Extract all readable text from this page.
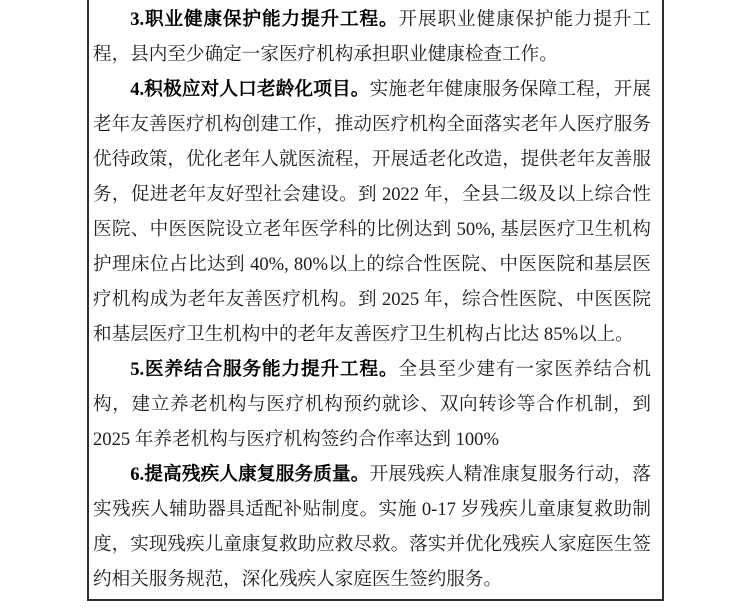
3.职业健康保护能力提升工程。开展职业健康保护能力提升工程，县内至少确定一家医疗机构承担职业健康检查工作。

4.积极应对人口老龄化项目。实施老年健康服务保障工程，开展老年友善医疗机构创建工作，推动医疗机构全面落实老年人医疗服务优待政策，优化老年人就医流程，开展适老化改造，提供老年友善服务，促进老年友好型社会建设。到 2022 年，全县二级及以上综合性医院、中医医院设立老年医学科的比例达到 50%, 基层医疗卫生机构护理床位占比达到 40%, 80%以上的综合性医院、中医医院和基层医疗机构成为老年友善医疗机构。到 2025 年，综合性医院、中医医院和基层医疗卫生机构中的老年友善医疗卫生机构占比达 85%以上。

5.医养结合服务能力提升工程。全县至少建有一家医养结合机构，建立养老机构与医疗机构预约就诊、双向转诊等合作机制，到 2025 年养老机构与医疗机构签约合作率达到 100%

6.提高残疾人康复服务质量。开展残疾人精准康复服务行动，落实残疾人辅助器具适配补贴制度。实施 0-17 岁残疾儿童康复救助制度，实现残疾儿童康复救助应救尽救。落实并优化残疾人家庭医生签约相关服务规范，深化残疾人家庭医生签约服务。
